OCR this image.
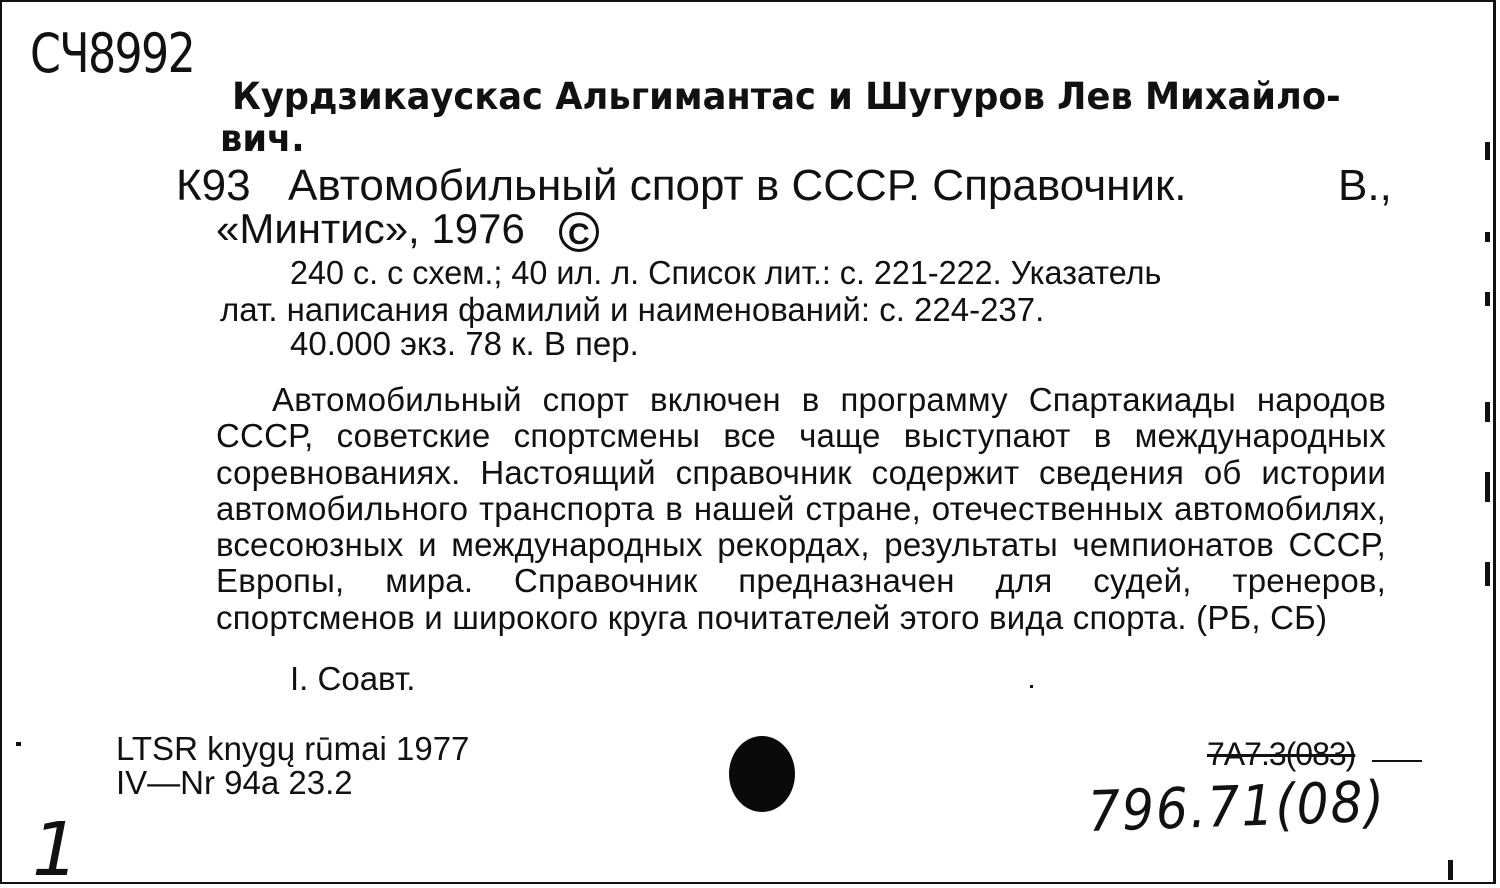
СЧ8992
Курдзикаускас Альгимантас и Шугуров Лев Михайло-
вич.
К93 Автомобильный спорт в СССР. Справочник.	В.,
«Минтис», 1976 C
240 с. с схем.; 40 ил. л. Список лит.: с. 221-222. Указатель
лат. написания фамилий и наименований: с. 224-237.
40.000 экз. 78 к. В пер.

Автомобильный спорт включен в программу Спартакиады народов СССР, советские спортсмены все чаще выступают в международных соревнованиях. Настоящий справочник содержит сведения об истории автомобильного транспорта в нашей стране, отечественных автомобилях, всесоюзных и международных рекордах, результаты чемпионатов СССР, Европы, мира. Справочник предназначен для судей, тренеров, спортсменов и широкого круга почитателей этого вида спорта. (РБ, СБ)

I. Соавт.
LTSR knygų rūmai 1977
IV—Nr 94a 23.2
7А7.3(083)
796.71(08)
1
